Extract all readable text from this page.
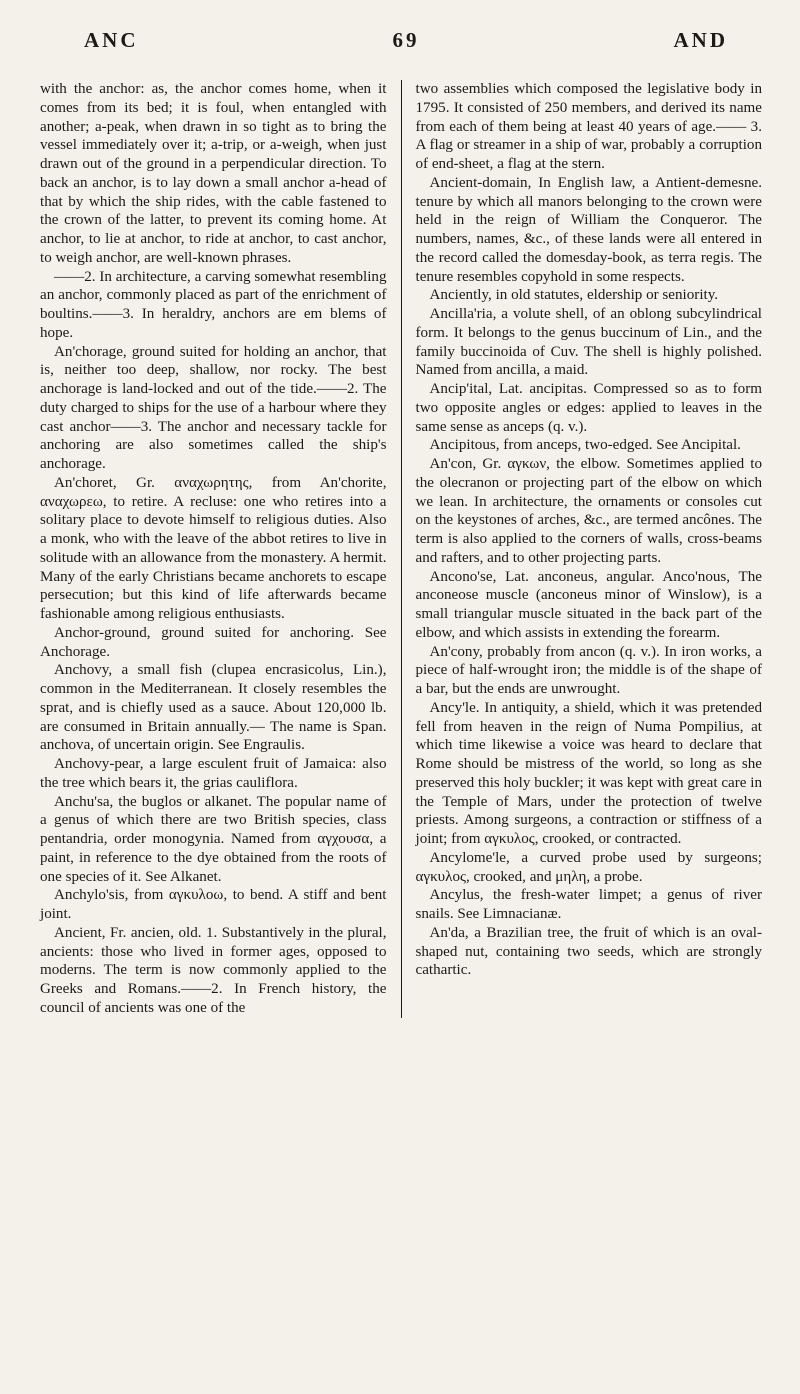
ANC	69	AND

with the anchor: as, the anchor comes home, when it comes from its bed; it is foul, when entangled with another; a-peak, when drawn in so tight as to bring the vessel immediately over it; a-trip, or a-weigh, when just drawn out of the ground in a perpendicular direction. To back an anchor, is to lay down a small anchor a-head of that by which the ship rides, with the cable fastened to the crown of the latter, to prevent its coming home. At anchor, to lie at anchor, to ride at anchor, to cast anchor, to weigh anchor, are well-known phrases.

——2. In architecture, a carving somewhat resembling an anchor, commonly placed as part of the enrichment of boultins.——3. In heraldry, anchors are em blems of hope.

An'chorage, ground suited for holding an anchor, that is, neither too deep, shallow, nor rocky. The best anchorage is land-locked and out of the tide.——2. The duty charged to ships for the use of a harbour where they cast anchor——3. The anchor and necessary tackle for anchoring are also sometimes called the ship's anchorage.

An'choret, Gr. αναχωρητης, from An'chorite, αναχωρεω, to retire. A recluse: one who retires into a solitary place to devote himself to religious duties. Also a monk, who with the leave of the abbot retires to live in solitude with an allowance from the monastery. A hermit. Many of the early Christians became anchorets to escape persecution; but this kind of life afterwards became fashionable among religious enthusiasts.

Anchor-ground, ground suited for anchoring. See Anchorage.

Anchovy, a small fish (clupea encrasicolus, Lin.), common in the Mediterranean. It closely resembles the sprat, and is chiefly used as a sauce. About 120,000 lb. are consumed in Britain annually.— The name is Span. anchova, of uncertain origin. See Engraulis.

Anchovy-pear, a large esculent fruit of Jamaica: also the tree which bears it, the grias cauliflora.

Anchu'sa, the buglos or alkanet. The popular name of a genus of which there are two British species, class pentandria, order monogynia. Named from αγχουσα, a paint, in reference to the dye obtained from the roots of one species of it. See Alkanet.

Anchylo'sis, from αγκυλοω, to bend. A stiff and bent joint.

Ancient, Fr. ancien, old. 1. Substantively in the plural, ancients: those who lived in former ages, opposed to moderns. The term is now commonly applied to the Greeks and Romans.——2. In French history, the council of ancients was one of the

two assemblies which composed the legislative body in 1795. It consisted of 250 members, and derived its name from each of them being at least 40 years of age.—— 3. A flag or streamer in a ship of war, probably a corruption of end-sheet, a flag at the stern.

Ancient-domain, In English law, a Antient-demesne. tenure by which all manors belonging to the crown were held in the reign of William the Conqueror. The numbers, names, &c., of these lands were all entered in the record called the domesday-book, as terra regis. The tenure resembles copyhold in some respects.

Anciently, in old statutes, eldership or seniority.

Ancilla'ria, a volute shell, of an oblong subcylindrical form. It belongs to the genus buccinum of Lin., and the family buccinoida of Cuv. The shell is highly polished. Named from ancilla, a maid.

Ancip'ital, Lat. ancipitas. Compressed so as to form two opposite angles or edges: applied to leaves in the same sense as anceps (q. v.).

Ancipitous, from anceps, two-edged. See Ancipital.

An'con, Gr. αγκων, the elbow. Sometimes applied to the olecranon or projecting part of the elbow on which we lean. In architecture, the ornaments or consoles cut on the keystones of arches, &c., are termed ancônes. The term is also applied to the corners of walls, cross-beams and rafters, and to other projecting parts.

Ancono'se, Lat. anconeus, angular. Anco'nous, The anconeose muscle (anconeus minor of Winslow), is a small triangular muscle situated in the back part of the elbow, and which assists in extending the forearm.

An'cony, probably from ancon (q. v.). In iron works, a piece of half-wrought iron; the middle is of the shape of a bar, but the ends are unwrought.

Ancy'le. In antiquity, a shield, which it was pretended fell from heaven in the reign of Numa Pompilius, at which time likewise a voice was heard to declare that Rome should be mistress of the world, so long as she preserved this holy buckler; it was kept with great care in the Temple of Mars, under the protection of twelve priests. Among surgeons, a contraction or stiffness of a joint; from αγκυλος, crooked, or contracted.

Ancylome'le, a curved probe used by surgeons; αγκυλος, crooked, and μηλη, a probe.

Ancylus, the fresh-water limpet; a genus of river snails. See Limnacianæ.

An'da, a Brazilian tree, the fruit of which is an oval-shaped nut, containing two seeds, which are strongly cathartic.
